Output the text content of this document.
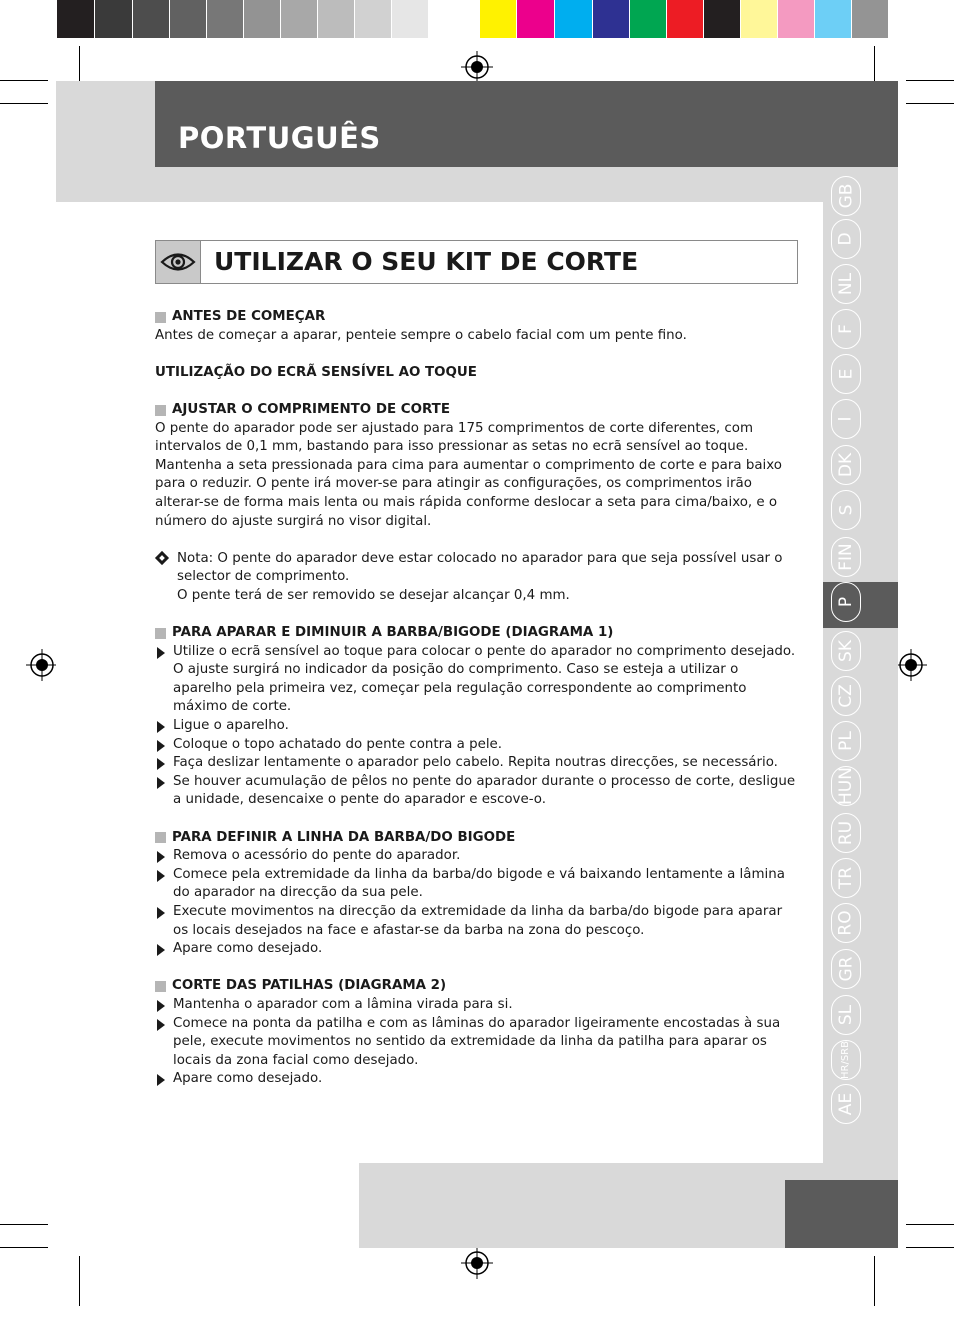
PORTUGUÊS
UTILIZAR O SEU KIT DE CORTE

ANTES DE COMEÇAR

Antes de começar a aparar, penteie sempre o cabelo facial com um pente fino.

UTILIZAÇÃO DO ECRÃ SENSÍVEL AO TOQUE

AJUSTAR O COMPRIMENTO DE CORTE

O pente do aparador pode ser ajustado para 175 comprimentos de corte diferentes, com intervalos de 0,1 mm, bastando para isso pressionar as setas no ecrã sensível ao toque. Mantenha a seta pressionada para cima para aumentar o comprimento de corte e para baixo para o reduzir. O pente irá mover-se para atingir as configurações, os comprimentos irão alterar-se de forma mais lenta ou mais rápida conforme deslocar a seta para cima/baixo, e o número do ajuste surgirá no visor digital.

Nota: O pente do aparador deve estar colocado no aparador para que seja possível usar o selector de comprimento.

O pente terá de ser removido se desejar alcançar 0,4 mm.

PARA APARAR E DIMINUIR A BARBA/BIGODE (DIAGRAMA 1)

Utilize o ecrã sensível ao toque para colocar o pente do aparador no comprimento desejado. O ajuste surgirá no indicador da posição do comprimento. Caso se esteja a utilizar o aparelho pela primeira vez, começar pela regulação correspondente ao comprimento máximo de corte.
Ligue o aparelho.
Coloque o topo achatado do pente contra a pele.
Faça deslizar lentamente o aparador pelo cabelo. Repita noutras direcções, se necessário.
Se houver acumulação de pêlos no pente do aparador durante o processo de corte, desligue a unidade, desencaixe o pente do aparador e escove-o.

PARA DEFINIR A LINHA DA BARBA/DO BIGODE

Remova o acessório do pente do aparador.
Comece pela extremidade da linha da barba/do bigode e vá baixando lentamente a lâmina do aparador na direcção da sua pele.
Execute movimentos na direcção da extremidade da linha da barba/do bigode para aparar os locais desejados na face e afastar-se da barba na zona do pescoço.
Apare como desejado.

CORTE DAS PATILHAS (DIAGRAMA 2)

Mantenha o aparador com a lâmina virada para si.
Comece na ponta da patilha e com as lâminas do aparador ligeiramente encostadas à sua pele, execute movimentos no sentido da extremidade da linha da patilha para aparar os locais da zona facial como desejado.
Apare como desejado.
GB
D
NL
F
E
I
DK
S
FIN
P
SK
CZ
PL
HUN
RU
TR
RO
GR
SL
HR/SRB
AE
